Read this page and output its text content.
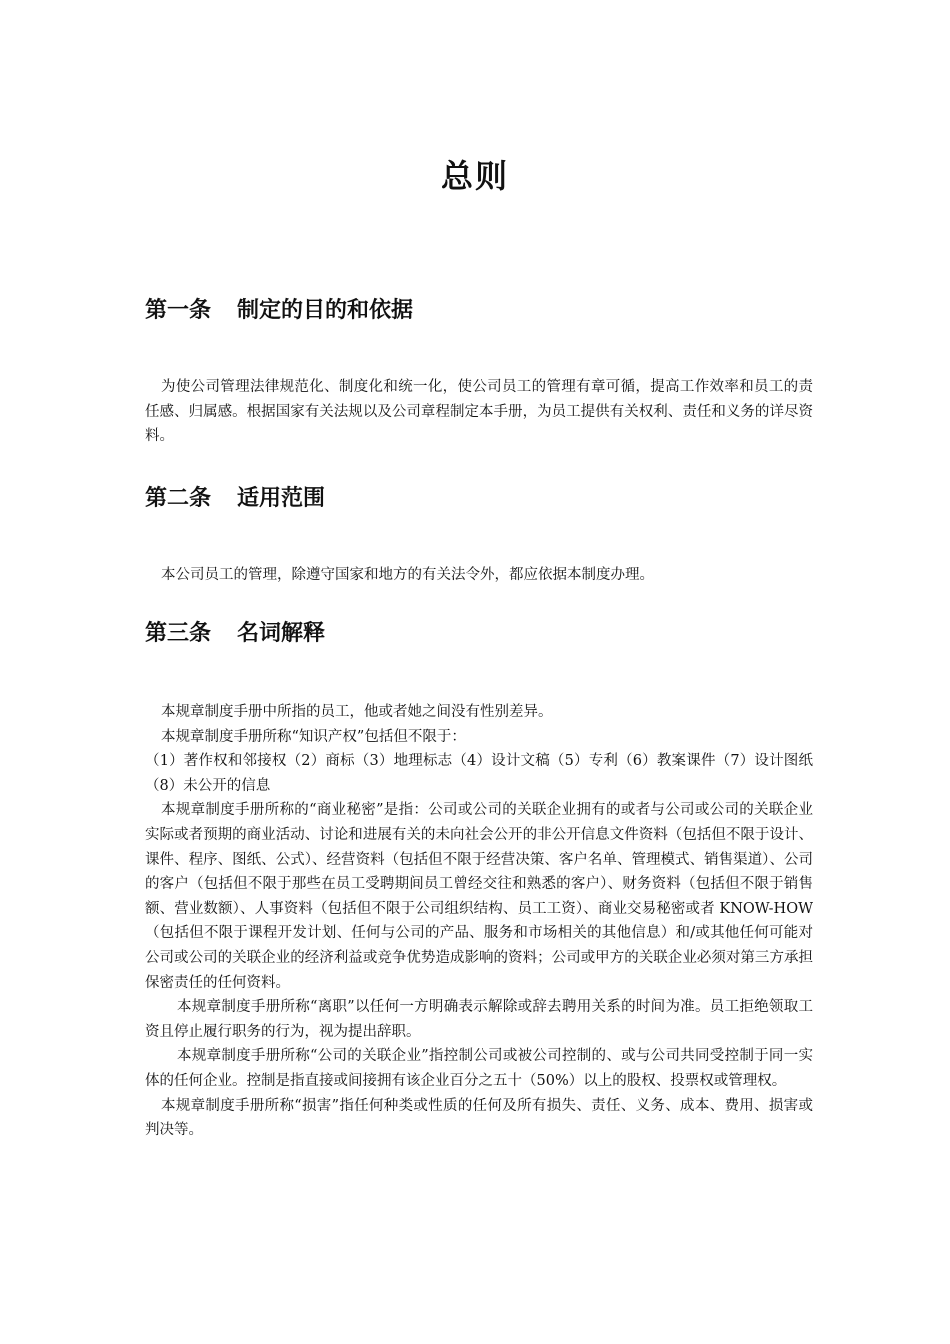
总则
第一条 制定的目的和依据

为使公司管理法律规范化、制度化和统一化，使公司员工的管理有章可循，提高工作效率和员工的责任感、归属感。根据国家有关法规以及公司章程制定本手册，为员工提供有关权利、责任和义务的详尽资料。

第二条 适用范围

本公司员工的管理，除遵守国家和地方的有关法令外，都应依据本制度办理。

第三条 名词解释

本规章制度手册中所指的员工，他或者她之间没有性别差异。

本规章制度手册所称“知识产权”包括但不限于：

（1）著作权和邻接权（2）商标（3）地理标志（4）设计文稿（5）专利（6）教案课件（7）设计图纸（8）未公开的信息

本规章制度手册所称的“商业秘密”是指：公司或公司的关联企业拥有的或者与公司或公司的关联企业实际或者预期的商业活动、讨论和进展有关的未向社会公开的非公开信息文件资料（包括但不限于设计、课件、程序、图纸、公式）、经营资料（包括但不限于经营决策、客户名单、管理模式、销售渠道）、公司的客户（包括但不限于那些在员工受聘期间员工曾经交往和熟悉的客户）、财务资料（包括但不限于销售额、营业数额）、人事资料（包括但不限于公司组织结构、员工工资）、商业交易秘密或者 KNOW-HOW（包括但不限于课程开发计划、任何与公司的产品、服务和市场相关的其他信息）和/或其他任何可能对公司或公司的关联企业的经济利益或竞争优势造成影响的资料；公司或甲方的关联企业必须对第三方承担保密责任的任何资料。

本规章制度手册所称“离职”以任何一方明确表示解除或辞去聘用关系的时间为准。员工拒绝领取工资且停止履行职务的行为，视为提出辞职。

本规章制度手册所称“公司的关联企业”指控制公司或被公司控制的、或与公司共同受控制于同一实体的任何企业。控制是指直接或间接拥有该企业百分之五十（50%）以上的股权、投票权或管理权。

本规章制度手册所称“损害”指任何种类或性质的任何及所有损失、责任、义务、成本、费用、损害或判决等。
